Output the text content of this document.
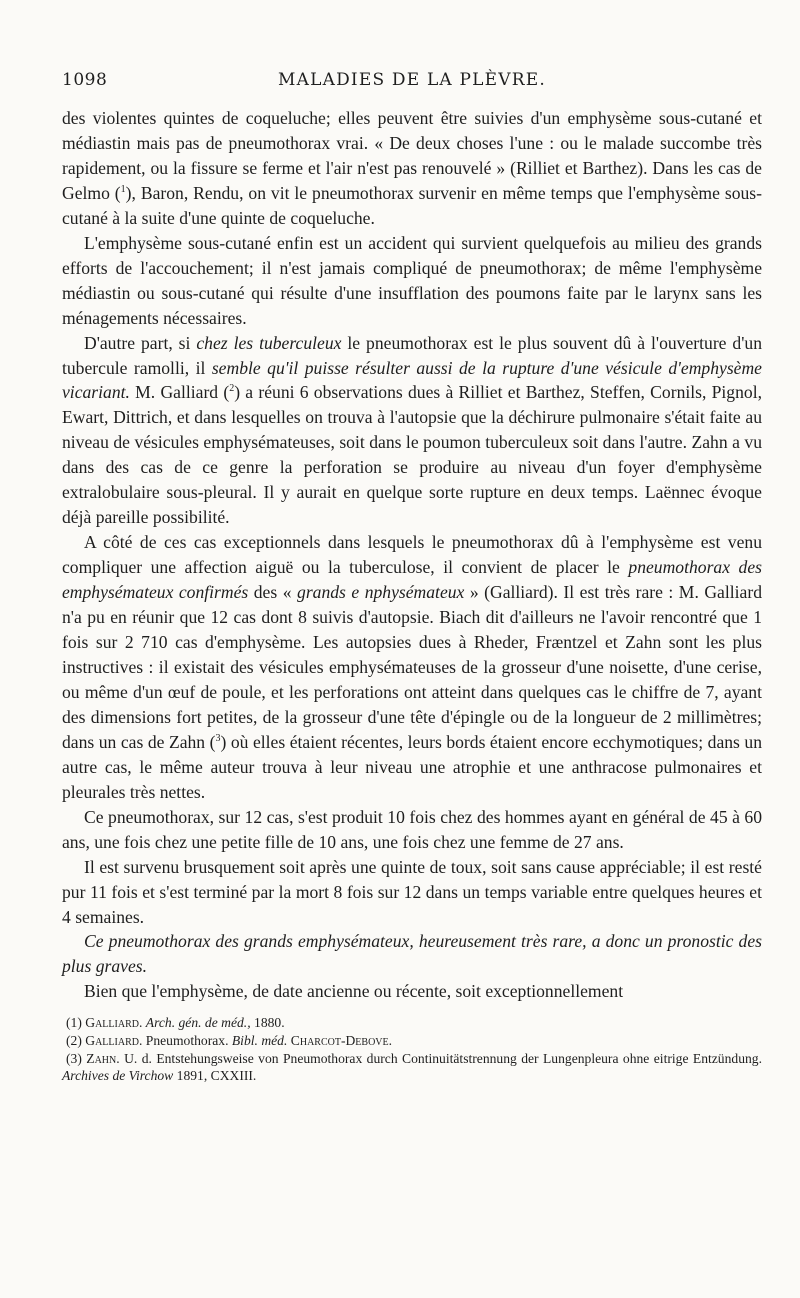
1098	MALADIES DE LA PLÈVRE.

des violentes quintes de coqueluche; elles peuvent être suivies d'un emphysème sous-cutané et médiastin mais pas de pneumothorax vrai. « De deux choses l'une : ou le malade succombe très rapidement, ou la fissure se ferme et l'air n'est pas renouvelé » (Rilliet et Barthez). Dans les cas de Gelmo ($^1$), Baron, Rendu, on vit le pneumothorax survenir en même temps que l'emphysème sous-cutané à la suite d'une quinte de coqueluche.

L'emphysème sous-cutané enfin est un accident qui survient quelquefois au milieu des grands efforts de l'accouchement; il n'est jamais compliqué de pneumothorax; de même l'emphysème médiastin ou sous-cutané qui résulte d'une insufflation des poumons faite par le larynx sans les ménagements nécessaires.

D'autre part, si chez les tuberculeux le pneumothorax est le plus souvent dû à l'ouverture d'un tubercule ramolli, il semble qu'il puisse résulter aussi de la rupture d'une vésicule d'emphysème vicariant. M. Galliard ($^2$) a réuni 6 observations dues à Rilliet et Barthez, Steffen, Cornils, Pignol, Ewart, Dittrich, et dans lesquelles on trouva à l'autopsie que la déchirure pulmonaire s'était faite au niveau de vésicules emphysémateuses, soit dans le poumon tuberculeux soit dans l'autre. Zahn a vu dans des cas de ce genre la perforation se produire au niveau d'un foyer d'emphysème extralobulaire sous-pleural. Il y aurait en quelque sorte rupture en deux temps. Laënnec évoque déjà pareille possibilité.

A côté de ces cas exceptionnels dans lesquels le pneumothorax dû à l'emphysème est venu compliquer une affection aiguë ou la tuberculose, il convient de placer le pneumothorax des emphysémateux confirmés des « grands e nphysémateux » (Galliard). Il est très rare : M. Galliard n'a pu en réunir que 12 cas dont 8 suivis d'autopsie. Biach dit d'ailleurs ne l'avoir rencontré que 1 fois sur 2 710 cas d'emphysème. Les autopsies dues à Rheder, Fræntzel et Zahn sont les plus instructives : il existait des vésicules emphysémateuses de la grosseur d'une noisette, d'une cerise, ou même d'un œuf de poule, et les perforations ont atteint dans quelques cas le chiffre de 7, ayant des dimensions fort petites, de la grosseur d'une tête d'épingle ou de la longueur de 2 millimètres; dans un cas de Zahn ($^3$) où elles étaient récentes, leurs bords étaient encore ecchymotiques; dans un autre cas, le même auteur trouva à leur niveau une atrophie et une anthracose pulmonaires et pleurales très nettes.

Ce pneumothorax, sur 12 cas, s'est produit 10 fois chez des hommes ayant en général de 45 à 60 ans, une fois chez une petite fille de 10 ans, une fois chez une femme de 27 ans.

Il est survenu brusquement soit après une quinte de toux, soit sans cause appréciable; il est resté pur 11 fois et s'est terminé par la mort 8 fois sur 12 dans un temps variable entre quelques heures et 4 semaines.

Ce pneumothorax des grands emphysémateux, heureusement très rare, a donc un pronostic des plus graves.

Bien que l'emphysème, de date ancienne ou récente, soit exceptionnellement

(1) Galliard. Arch. gén. de méd., 1880.

(2) Galliard. Pneumothorax. Bibl. méd. Charcot-Debove.

(3) Zahn. U. d. Entstehungsweise von Pneumothorax durch Continuitätstrennung der Lungenpleura ohne eitrige Entzündung. Archives de Virchow 1891, CXXIII.
